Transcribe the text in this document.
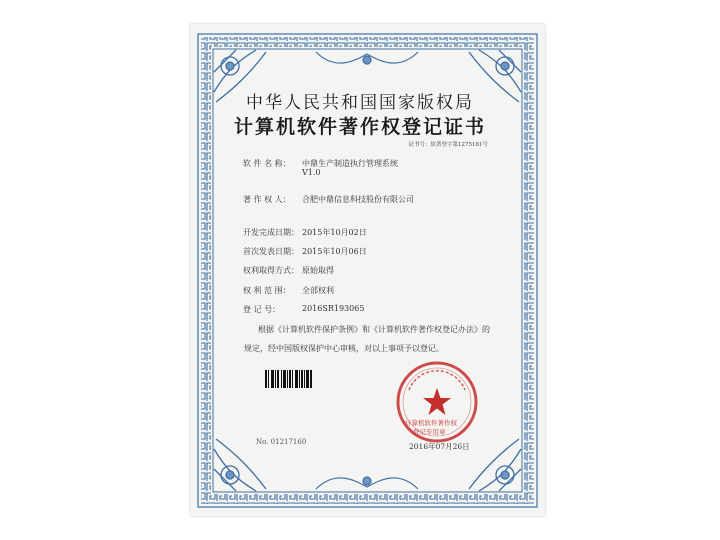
中华人民共和国国家版权局
计算机软件著作权登记证书
证书号：软著登字第1275181号
软 件 名 称： 中鼎生产制造执行管理系统
V1.0
著 作 权 人： 合肥中鼎信息科技股份有限公司
开发完成日期： 2015年10月02日
首次发表日期： 2015年10月06日
权利取得方式： 原始取得
权 利 范 围： 全部权利
登 记 号：	2016SR193065
根据《计算机软件保护条例》和《计算机软件著作权登记办法》的
规定，经中国版权保护中心审核，对以上事项予以登记。
计算机软件著作权
登记专用章
No. 01217160	2016年07月26日
